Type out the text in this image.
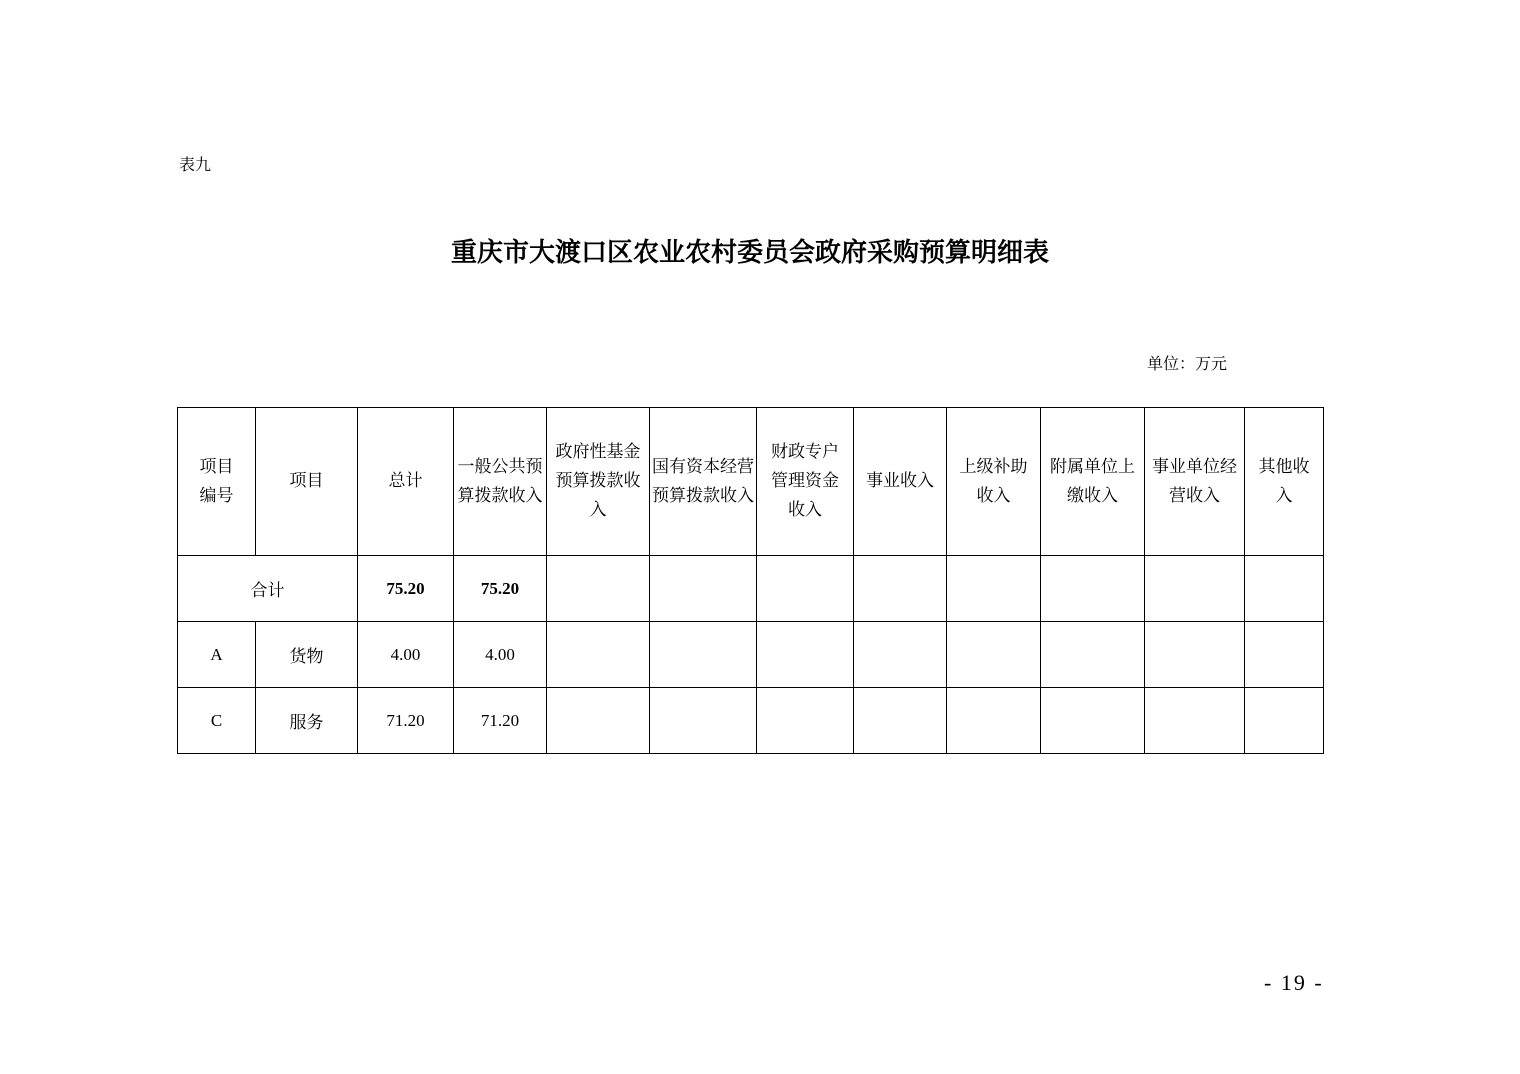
表九
重庆市大渡口区农业农村委员会政府采购预算明细表
单位：万元
项目编号	项目	总计	一般公共预算拨款收入	政府性基金预算拨款收入	国有资本经营预算拨款收入	财政专户管理资金收入	事业收入	上级补助收入	附属单位上缴收入	事业单位经营收入	其他收入
合计		75.20	75.20								
A	货物	4.00	4.00								
C	服务	71.20	71.20								
- 19 -
